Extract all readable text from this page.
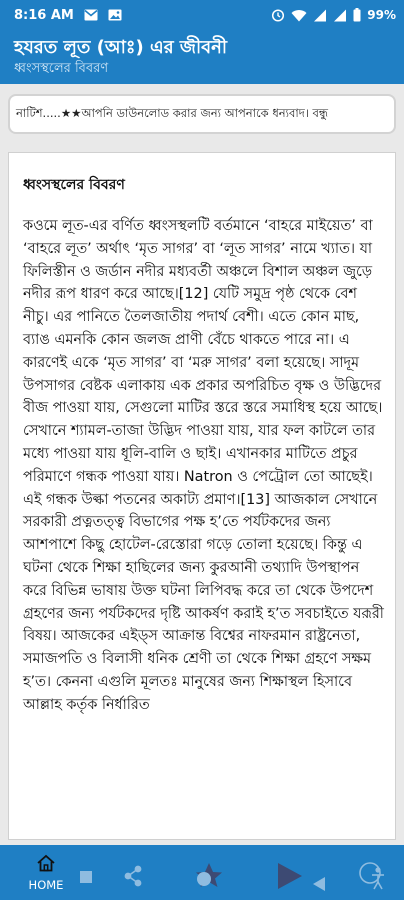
8:16 AM	99%
হযরত লূত (আঃ) এর জীবনী
ধ্বংসস্থলের বিবরণ
নাটিশ.....★★আপনি ডাউনলোড করার জন্য আপনাকে ধন্যবাদ। বন্ধু
ধ্বংসস্থলের বিবরণ

কওমে লূত-এর বর্ণিত ধ্বংসস্থলটি বর্তমানে ‘বাহরে মাইয়েত’ বা ‘বাহরে লূত’ অর্থাৎ ‘মৃত সাগর’ বা ‘লূত সাগর’ নামে খ্যাত। যা ফিলিস্তীন ও জর্ডান নদীর মধ্যবর্তী অঞ্চলে বিশাল অঞ্চল জুড়ে নদীর রূপ ধারণ করে আছে।[12] যেটি সমুদ্র পৃষ্ঠ থেকে বেশ নীচু। এর পানিতে তৈলজাতীয় পদার্থ বেশী। এতে কোন মাছ, ব্যাঙ এমনকি কোন জলজ প্রাণী বেঁচে থাকতে পারে না। এ কারণেই একে ‘মৃত সাগর’ বা ‘মরু সাগর’ বলা হয়েছে। সাদূম উপসাগর বেষ্টক এলাকায় এক প্রকার অপরিচিত বৃক্ষ ও উদ্ভিদের বীজ পাওয়া যায়, সেগুলো মাটির স্তরে স্তরে সমাধিস্থ হয়ে আছে। সেখানে শ্যামল-তাজা উদ্ভিদ পাওয়া যায়, যার ফল কাটলে তার মধ্যে পাওয়া যায় ধূলি-বালি ও ছাই। এখানকার মাটিতে প্রচুর পরিমাণে গন্ধক পাওয়া যায়। Natron ও পেট্রোল তো আছেই। এই গন্ধক উল্কা পতনের অকাট্য প্রমাণ।[13] আজকাল সেখানে সরকারী প্রত্নতত্ত্ব বিভাগের পক্ষ হ’তে পর্যটকদের জন্য আশপাশে কিছু হোটেল-রেস্তোরা গড়ে তোলা হয়েছে। কিন্তু এ ঘটনা থেকে শিক্ষা হাছিলের জন্য কুরআনী তথ্যাদি উপস্থাপন করে বিভিন্ন ভাষায় উক্ত ঘটনা লিপিবদ্ধ করে তা থেকে উপদেশ গ্রহণের জন্য পর্যটকদের দৃষ্টি আকর্ষণ করাই হ’ত সবচাইতে যরূরী বিষয়। আজকের এইড্স আক্রান্ত বিশ্বের নাফরমান রাষ্ট্রনেতা, সমাজপতি ও বিলাসী ধনিক শ্রেণী তা থেকে শিক্ষা গ্রহণে সক্ষম হ’ত। কেননা এগুলি মূলতঃ মানুষের জন্য শিক্ষাস্থল হিসাবে আল্লাহ কর্তৃক নির্ধারিত

HOME
